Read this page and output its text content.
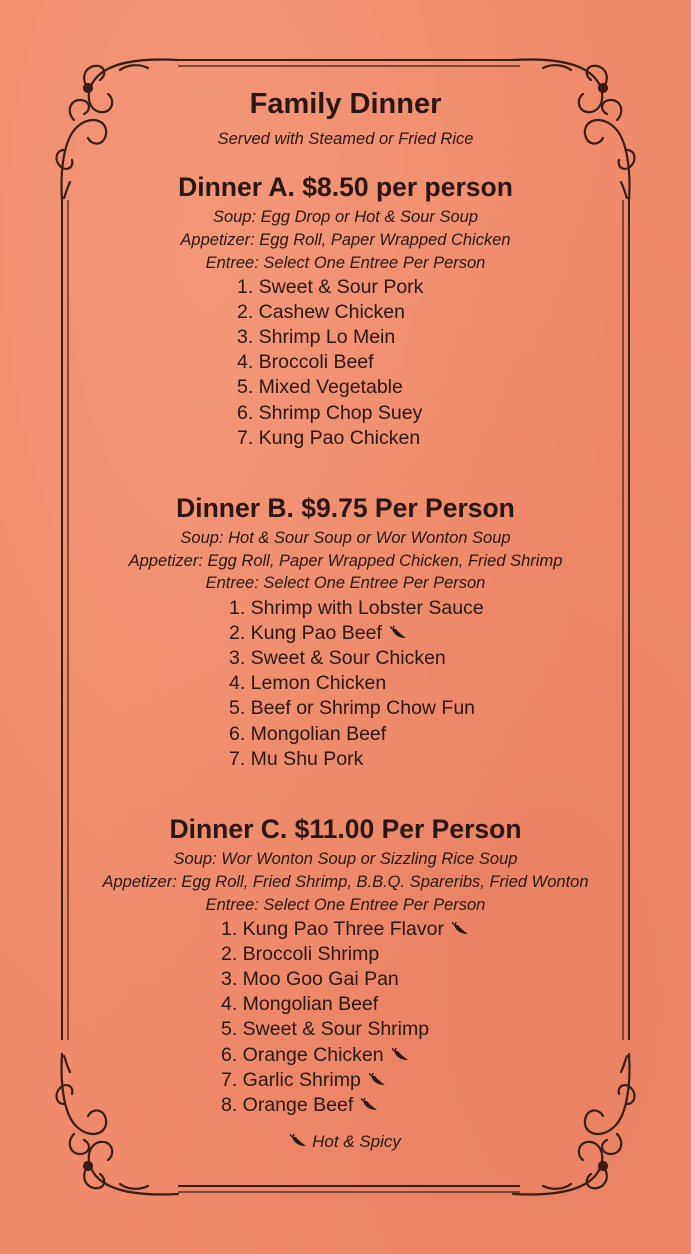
Family Dinner
Served with Steamed or Fried Rice
Dinner A. $8.50 per person
Soup: Egg Drop or Hot & Sour Soup
Appetizer: Egg Roll, Paper Wrapped Chicken
Entree: Select One Entree Per Person
1. Sweet & Sour Pork
2. Cashew Chicken
3. Shrimp Lo Mein
4. Broccoli Beef
5. Mixed Vegetable
6. Shrimp Chop Suey
7. Kung Pao Chicken
Dinner B. $9.75 Per Person
Soup: Hot & Sour Soup or Wor Wonton Soup
Appetizer: Egg Roll, Paper Wrapped Chicken, Fried Shrimp
Entree: Select One Entree Per Person
1. Shrimp with Lobster Sauce
2. Kung Pao Beef
3. Sweet & Sour Chicken
4. Lemon Chicken
5. Beef or Shrimp Chow Fun
6. Mongolian Beef
7. Mu Shu Pork
Dinner C. $11.00 Per Person
Soup: Wor Wonton Soup or Sizzling Rice Soup
Appetizer: Egg Roll, Fried Shrimp, B.B.Q. Spareribs, Fried Wonton
Entree: Select One Entree Per Person
1. Kung Pao Three Flavor
2. Broccoli Shrimp
3. Moo Goo Gai Pan
4. Mongolian Beef
5. Sweet & Sour Shrimp
6. Orange Chicken
7. Garlic Shrimp
8. Orange Beef
Hot & Spicy
